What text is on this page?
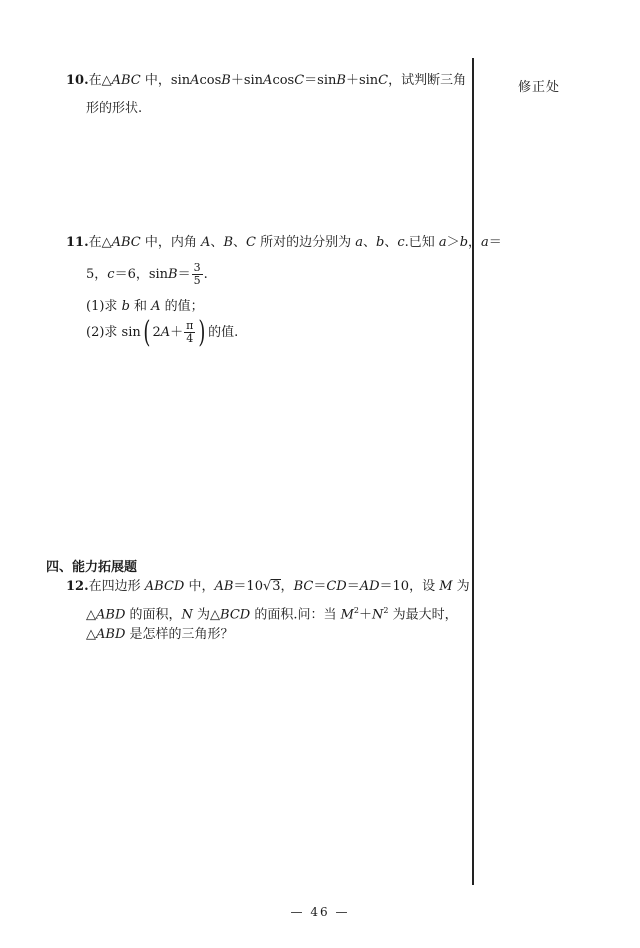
修正处
10.在△ABC 中，sinAcosB＋sinAcosC＝sinB＋sinC，试判断三角
形的形状.
11.在△ABC 中，内角 A、B、C 所对的边分别为 a、b、c.已知 a＞b，a＝
5，c＝6，$\sin B= \frac{3}{5}$ .
(1)求 b 和 A 的值；
(2)求 sin( $2A+ \frac{\pi}{4}$ ) 的值.
四、能力拓展题
12.在四边形 ABCD 中，AB＝10√3，BC＝CD＝AD＝10，设 M 为
△ABD 的面积，N 为△BCD 的面积.问：当 $M^2+N^2$ 为最大时，
△ABD 是怎样的三角形？
— 46 —
